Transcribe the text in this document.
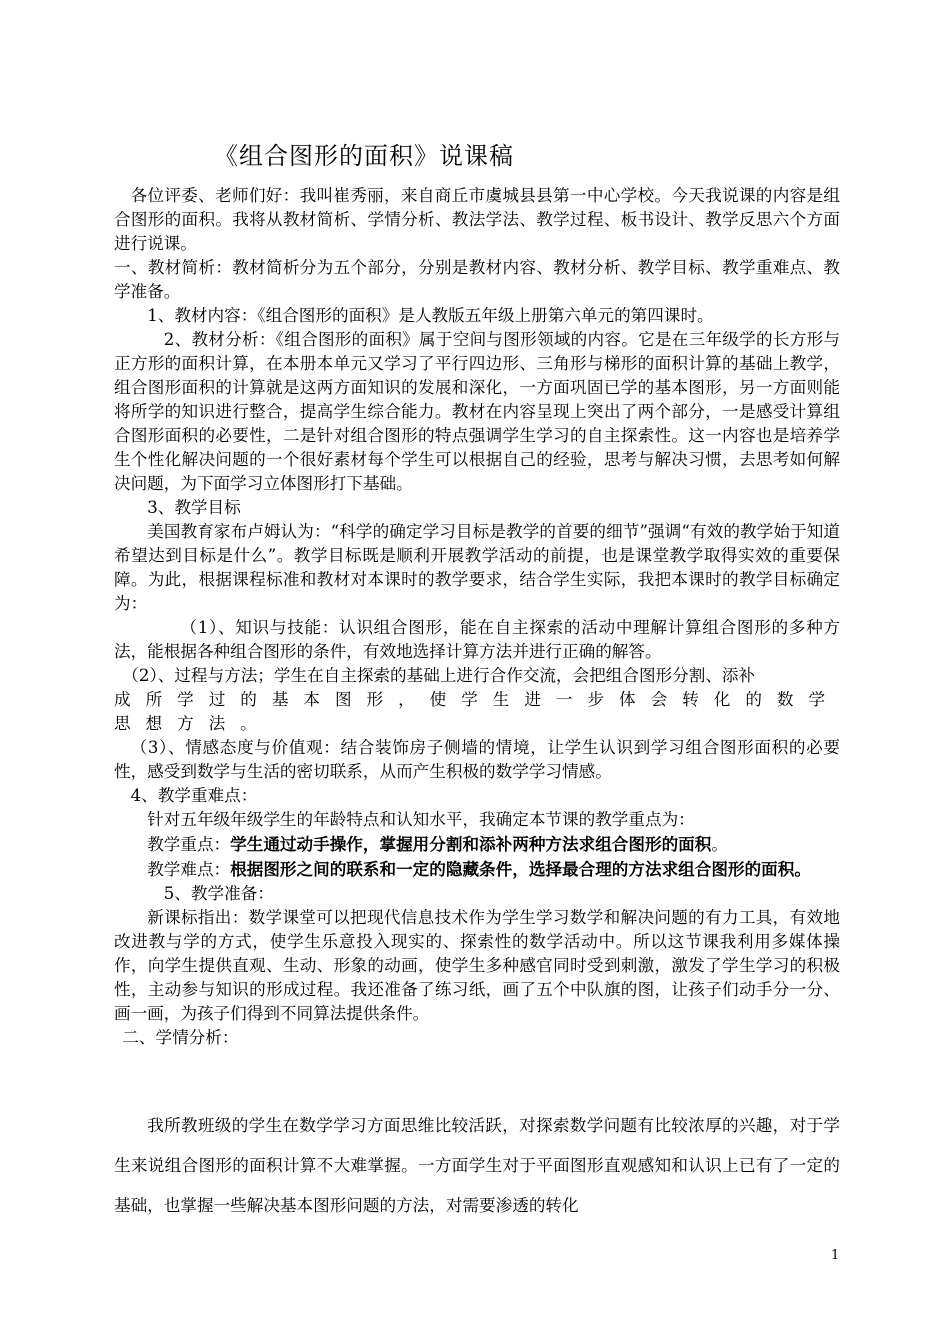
《组合图形的面积》说课稿

各位评委、老师们好：我叫崔秀丽，来自商丘市虞城县县第一中心学校。今天我说课的内容是组合图形的面积。我将从教材简析、学情分析、教法学法、教学过程、板书设计、教学反思六个方面进行说课。

一、教材简析：教材简析分为五个部分，分别是教材内容、教材分析、教学目标、教学重难点、教学准备。

1、教材内容：《组合图形的面积》是人教版五年级上册第六单元的第四课时。

2、教材分析：《组合图形的面积》属于空间与图形领域的内容。它是在三年级学的长方形与正方形的面积计算，在本册本单元又学习了平行四边形、三角形与梯形的面积计算的基础上教学，组合图形面积的计算就是这两方面知识的发展和深化，一方面巩固已学的基本图形，另一方面则能将所学的知识进行整合，提高学生综合能力。教材在内容呈现上突出了两个部分，一是感受计算组合图形面积的必要性，二是针对组合图形的特点强调学生学习的自主探索性。这一内容也是培养学生个性化解决问题的一个很好素材每个学生可以根据自己的经验，思考与解决习惯，去思考如何解决问题，为下面学习立体图形打下基础。

3、教学目标

美国教育家布卢姆认为：“科学的确定学习目标是教学的首要的细节”强调“有效的教学始于知道希望达到目标是什么”。教学目标既是顺利开展教学活动的前提，也是课堂教学取得实效的重要保障。为此，根据课程标准和教材对本课时的教学要求，结合学生实际，我把本课时的教学目标确定为：

（1）、知识与技能：认识组合图形，能在自主探索的活动中理解计算组合图形的多种方法，能根据各种组合图形的条件，有效地选择计算方法并进行正确的解答。

（2）、过程与方法；学生在自主探索的基础上进行合作交流，会把组合图形分割、添补

成所学过的基本图形，使学生进一步体会转化的数学思想方法。

（3）、情感态度与价值观：结合装饰房子侧墙的情境，让学生认识到学习组合图形面积的必要性，感受到数学与生活的密切联系，从而产生积极的数学学习情感。

4、教学重难点：

针对五年级年级学生的年龄特点和认知水平，我确定本节课的教学重点为：

教学重点：学生通过动手操作，掌握用分割和添补两种方法求组合图形的面积。

教学难点：根据图形之间的联系和一定的隐藏条件，选择最合理的方法求组合图形的面积。

5、教学准备：

新课标指出：数学课堂可以把现代信息技术作为学生学习数学和解决问题的有力工具，有效地改进教与学的方式，使学生乐意投入现实的、探索性的数学活动中。所以这节课我利用多媒体操作，向学生提供直观、生动、形象的动画，使学生多种感官同时受到刺激，激发了学生学习的积极性，主动参与知识的形成过程。我还准备了练习纸，画了五个中队旗的图，让孩子们动手分一分、画一画，为孩子们得到不同算法提供条件。

二、学情分析：

我所教班级的学生在数学学习方面思维比较活跃，对探索数学问题有比较浓厚的兴趣，对于学生来说组合图形的面积计算不大难掌握。一方面学生对于平面图形直观感知和认识上已有了一定的基础，也掌握一些解决基本图形问题的方法，对需要渗透的转化

1
